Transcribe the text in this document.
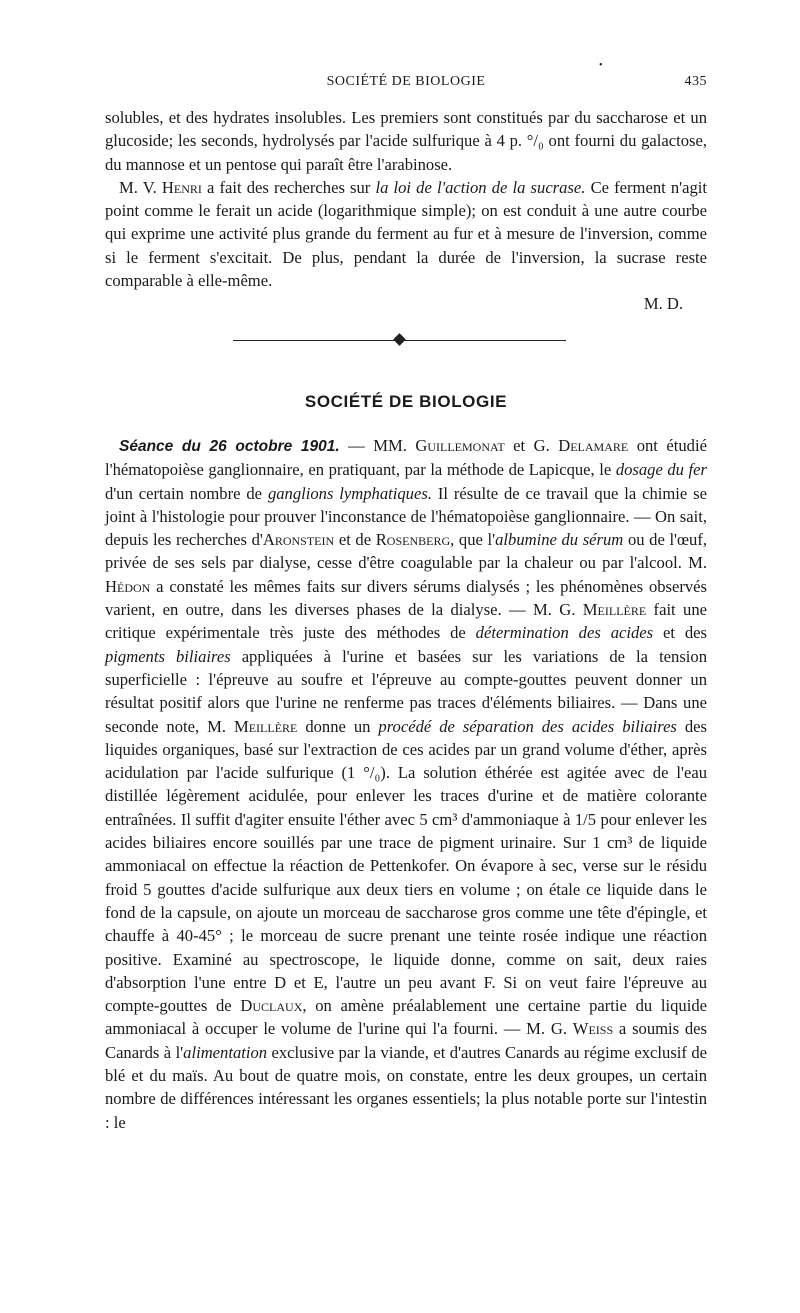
SOCIÉTÉ DE BIOLOGIE
•
435

solubles, et des hydrates insolubles. Les premiers sont constitués par du saccharose et un glucoside; les seconds, hydrolysés par l'acide sulfurique à 4 p. °/₀ ont fourni du galactose, du mannose et un pentose qui paraît être l'arabinose.

M. V. Henri a fait des recherches sur la loi de l'action de la sucrase. Ce ferment n'agit point comme le ferait un acide (logarithmique simple); on est conduit à une autre courbe qui exprime une activité plus grande du ferment au fur et à mesure de l'inversion, comme si le ferment s'excitait. De plus, pendant la durée de l'inversion, la sucrase reste comparable à elle-même.

M. D.
SOCIÉTÉ DE BIOLOGIE

Séance du 26 octobre 1901. — MM. Guillemonat et G. Delamare ont étudié l'hématopoièse ganglionnaire, en pratiquant, par la méthode de Lapicque, le dosage du fer d'un certain nombre de ganglions lymphatiques. Il résulte de ce travail que la chimie se joint à l'histologie pour prouver l'inconstance de l'hématopoièse ganglionnaire. — On sait, depuis les recherches d'Aronstein et de Rosenberg, que l'albumine du sérum ou de l'œuf, privée de ses sels par dialyse, cesse d'être coagulable par la chaleur ou par l'alcool. M. Hédon a constaté les mêmes faits sur divers sérums dialysés ; les phénomènes observés varient, en outre, dans les diverses phases de la dialyse. — M. G. Meillère fait une critique expérimentale très juste des méthodes de détermination des acides et des pigments biliaires appliquées à l'urine et basées sur les variations de la tension superficielle : l'épreuve au soufre et l'épreuve au compte-gouttes peuvent donner un résultat positif alors que l'urine ne renferme pas traces d'éléments biliaires. — Dans une seconde note, M. Meillère donne un procédé de séparation des acides biliaires des liquides organiques, basé sur l'extraction de ces acides par un grand volume d'éther, après acidulation par l'acide sulfurique (1 °/₀). La solution éthérée est agitée avec de l'eau distillée légèrement acidulée, pour enlever les traces d'urine et de matière colorante entraînées. Il suffit d'agiter ensuite l'éther avec 5 cm³ d'ammoniaque à 1/5 pour enlever les acides biliaires encore souillés par une trace de pigment urinaire. Sur 1 cm³ de liquide ammoniacal on effectue la réaction de Pettenkofer. On évapore à sec, verse sur le résidu froid 5 gouttes d'acide sulfurique aux deux tiers en volume ; on étale ce liquide dans le fond de la capsule, on ajoute un morceau de saccharose gros comme une tête d'épingle, et chauffe à 40-45° ; le morceau de sucre prenant une teinte rosée indique une réaction positive. Examiné au spectroscope, le liquide donne, comme on sait, deux raies d'absorption l'une entre D et E, l'autre un peu avant F. Si on veut faire l'épreuve au compte-gouttes de Duclaux, on amène préalablement une certaine partie du liquide ammoniacal à occuper le volume de l'urine qui l'a fourni. — M. G. Weiss a soumis des Canards à l'alimentation exclusive par la viande, et d'autres Canards au régime exclusif de blé et du maïs. Au bout de quatre mois, on constate, entre les deux groupes, un certain nombre de différences intéressant les organes essentiels; la plus notable porte sur l'intestin : le
